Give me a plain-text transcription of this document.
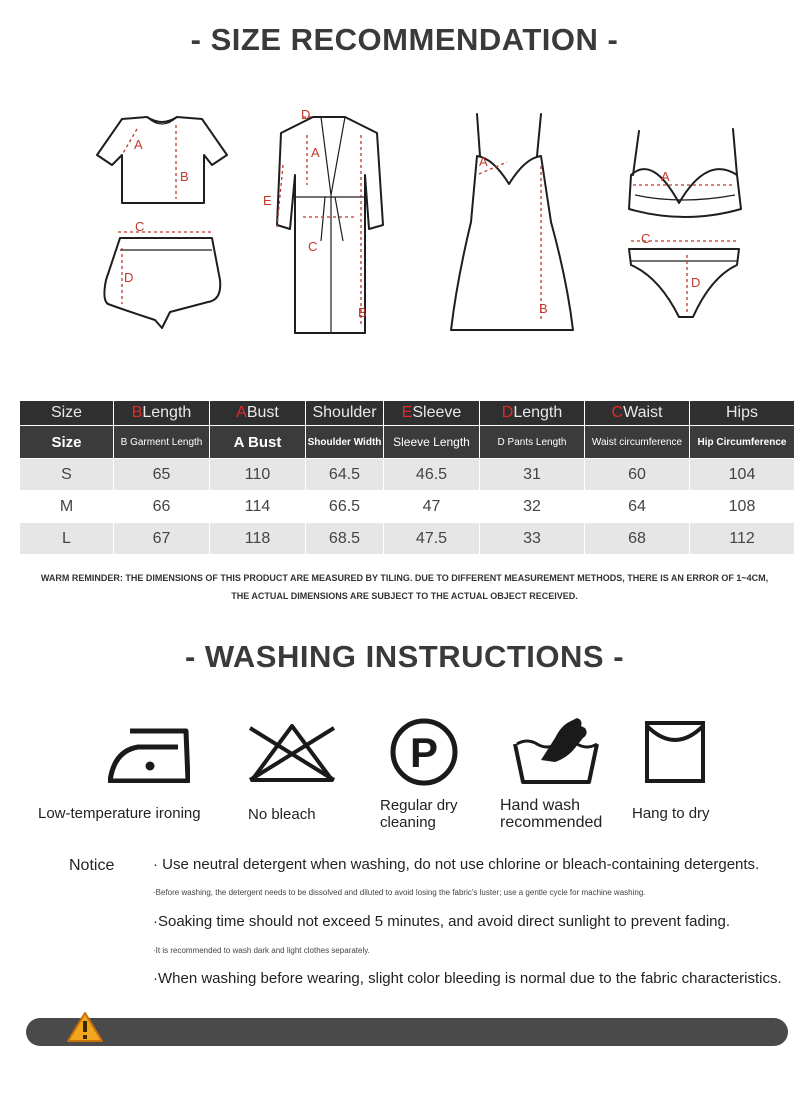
- SIZE RECOMMENDATION -
A
B
C
D
D
A
E
C
B
A
B
A
C
D
Size	BLength	ABust	Shoulder	ESleeve	DLength	CWaist	Hips
Size	B Garment Length	A Bust	Shoulder Width	Sleeve Length	D Pants Length	Waist circumference	Hip Circumference
S	65	110	64.5	46.5	31	60	104
M	66	114	66.5	47	32	64	108
L	67	118	68.5	47.5	33	68	112
WARM REMINDER: THE DIMENSIONS OF THIS PRODUCT ARE MEASURED BY TILING. DUE TO DIFFERENT MEASUREMENT METHODS, THERE IS AN ERROR OF 1~4CM,
THE ACTUAL DIMENSIONS ARE SUBJECT TO THE ACTUAL OBJECT RECEIVED.
- WASHING INSTRUCTIONS -
P
Low-temperature ironing	No bleach
Regular dry cleaning
Hand wash recommended
Hang to dry
Notice	· Use neutral detergent when washing, do not use chlorine or bleach-containing detergents.
·Before washing, the detergent needs to be dissolved and diluted to avoid losing the fabric's luster; use a gentle cycle for machine washing.
·Soaking time should not exceed 5 minutes, and avoid direct sunlight to prevent fading.
·It is recommended to wash dark and light clothes separately.
·When washing before wearing, slight color bleeding is normal due to the fabric characteristics.
